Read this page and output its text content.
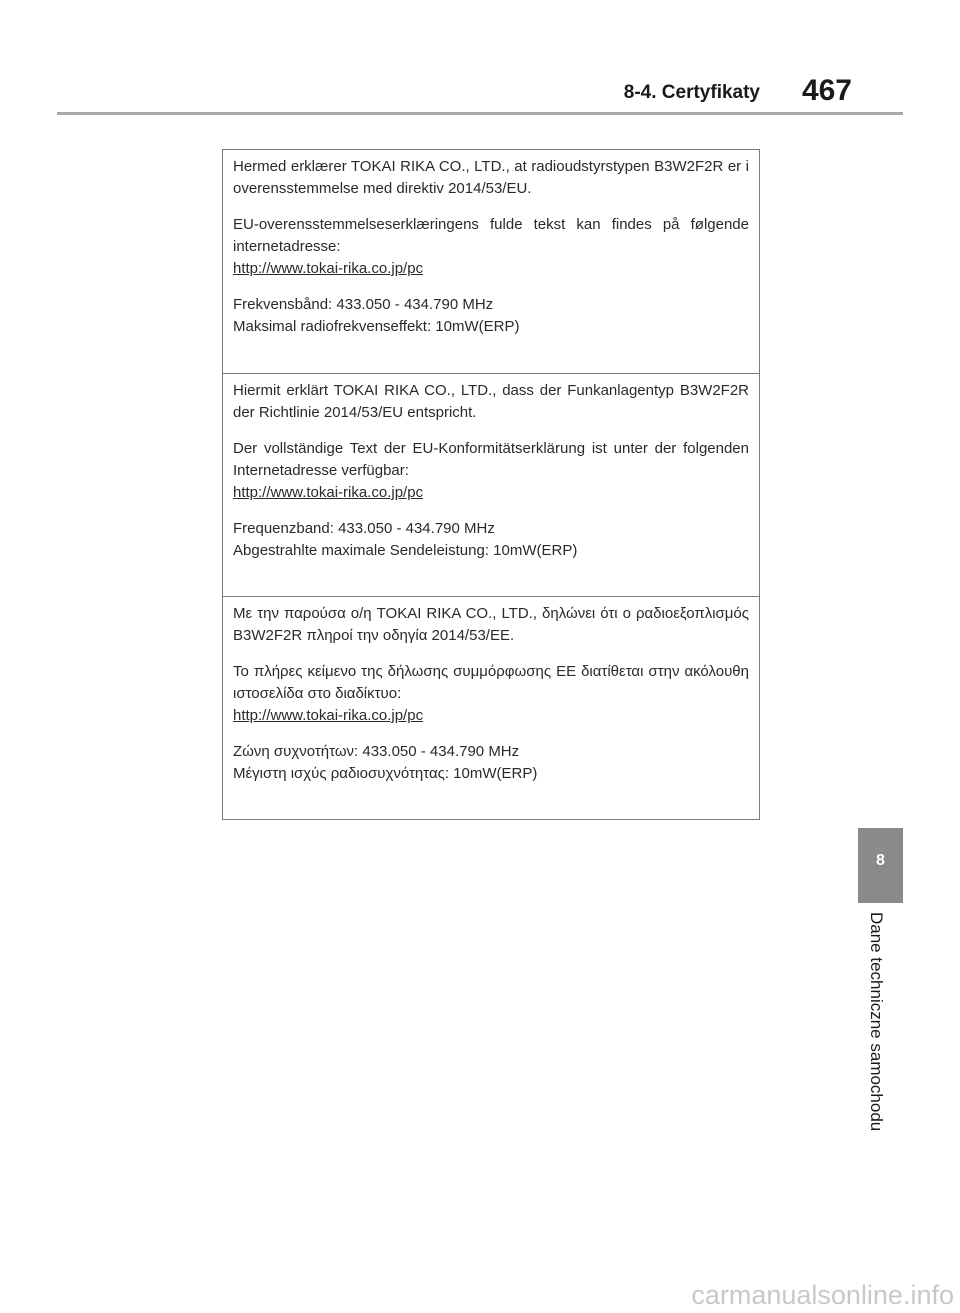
8-4. Certyfikaty 467

Hermed erklærer TOKAI RIKA CO., LTD., at radioudstyrstypen B3W2F2R er i overensstemmelse med direktiv 2014/53/EU.

EU-overensstemmelseserklæringens fulde tekst kan findes på følgende internetadresse:

http://www.tokai-rika.co.jp/pc

Frekvensbånd: 433.050 - 434.790 MHz

Maksimal radiofrekvenseffekt: 10mW(ERP)

Hiermit erklärt TOKAI RIKA CO., LTD., dass der Funkanlagentyp B3W2F2R der Richtlinie 2014/53/EU entspricht.

Der vollständige Text der EU-Konformitätserklärung ist unter der folgenden Internetadresse verfügbar:

http://www.tokai-rika.co.jp/pc

Frequenzband: 433.050 - 434.790 MHz

Abgestrahlte maximale Sendeleistung: 10mW(ERP)

Με την παρούσα ο/η TOKAI RIKA CO., LTD., δηλώνει ότι ο ραδιοεξοπλισμός B3W2F2R πληροί την οδηγία 2014/53/ΕΕ.

Το πλήρες κείμενο της δήλωσης συμμόρφωσης ΕΕ διατίθεται στην ακόλουθη ιστοσελίδα στο διαδίκτυο:

http://www.tokai-rika.co.jp/pc

Ζώνη συχνοτήτων: 433.050 - 434.790 MHz

Μέγιστη ισχύς ραδιοσυχνότητας: 10mW(ERP)

8
Dane techniczne samochodu
carmanualsonline.info
